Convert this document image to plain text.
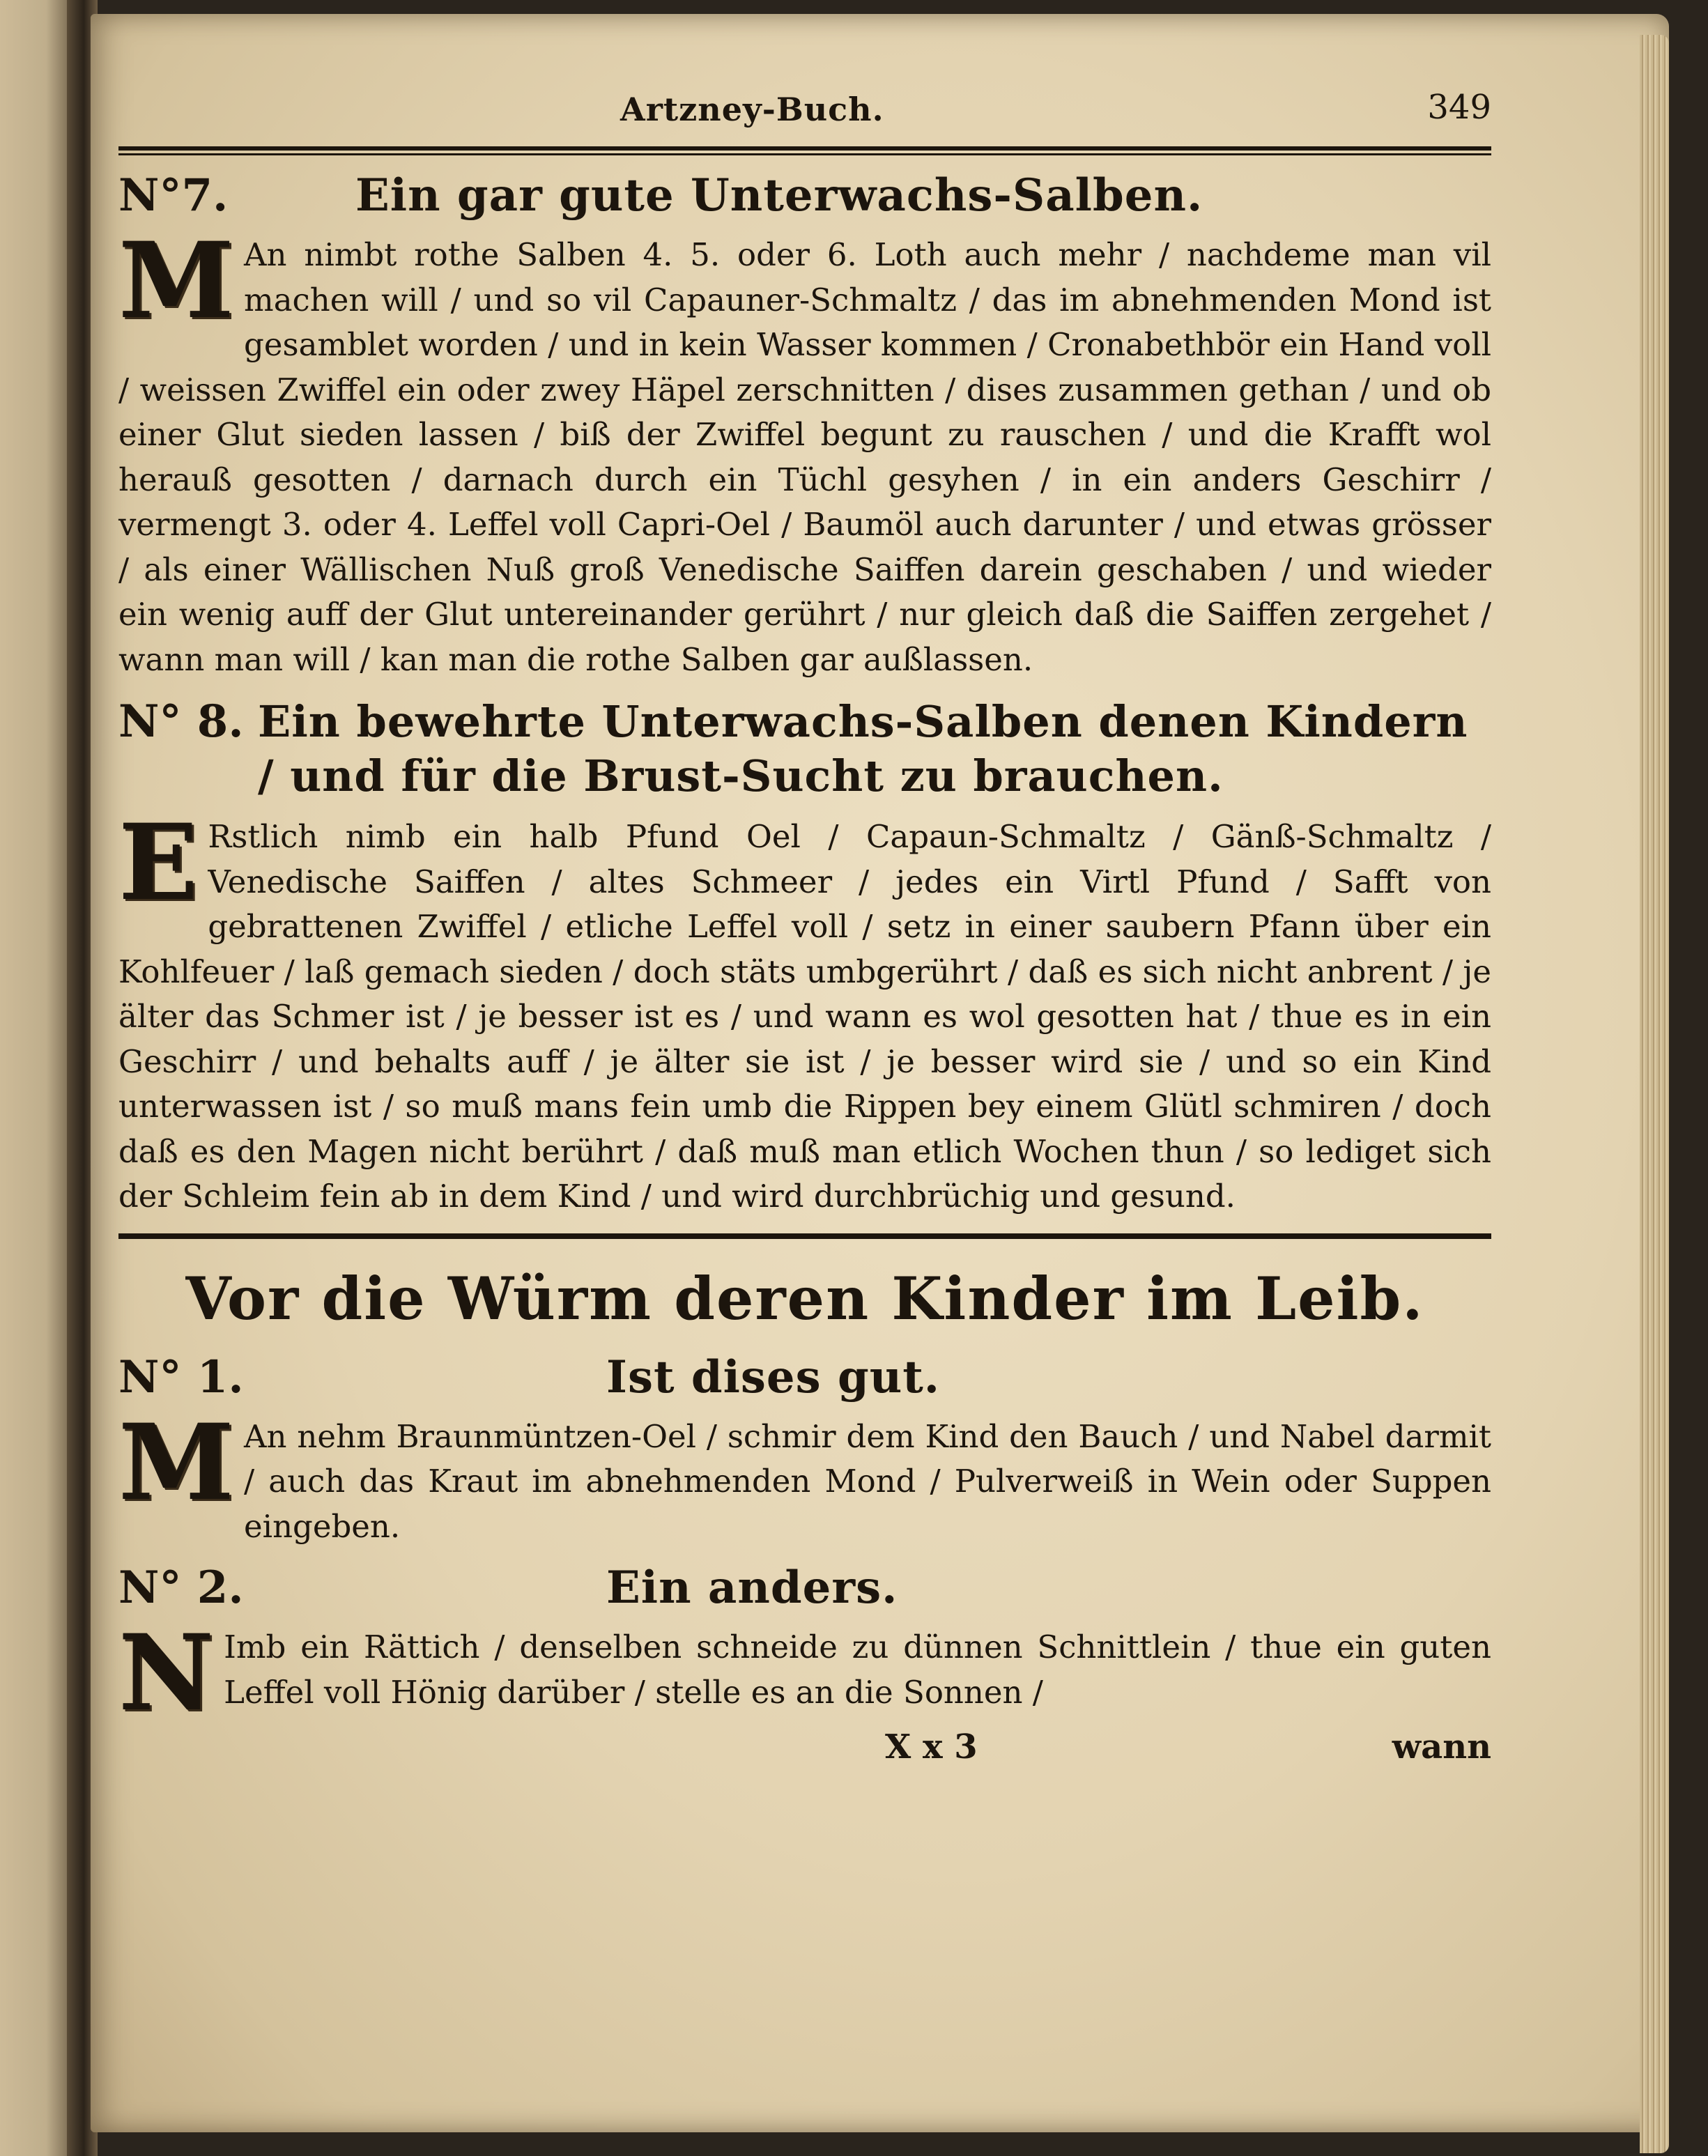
Artzney-Buch.	349
N°7.	Ein gar gute Unterwachs-Salben.

M An nimbt rothe Salben 4. 5. oder 6. Loth auch mehr / nachdeme man vil machen will / und so vil Capauner-Schmaltz / das im abnehmenden Mond ist gesamblet worden / und in kein Wasser kommen / Cronabethbör ein Hand voll / weissen Zwiffel ein oder zwey Häpel zerschnitten / dises zusammen gethan / und ob einer Glut sieden lassen / biß der Zwiffel begunt zu rauschen / und die Krafft wol herauß gesotten / darnach durch ein Tüchl gesyhen / in ein anders Geschirr / vermengt 3. oder 4. Leffel voll Capri-Oel / Baumöl auch darunter / und etwas grösser / als einer Wällischen Nuß groß Venedische Saiffen darein geschaben / und wieder ein wenig auff der Glut untereinander gerührt / nur gleich daß die Saiffen zergehet / wann man will / kan man die rothe Salben gar außlassen.

N° 8. Ein bewehrte Unterwachs-Salben denen Kindern / und für die Brust-Sucht zu brauchen.

E Rstlich nimb ein halb Pfund Oel / Capaun-Schmaltz / Gänß-Schmaltz / Venedische Saiffen / altes Schmeer / jedes ein Virtl Pfund / Safft von gebrattenen Zwiffel / etliche Leffel voll / setz in einer saubern Pfann über ein Kohlfeuer / laß gemach sieden / doch stäts umbgerührt / daß es sich nicht anbrent / je älter das Schmer ist / je besser ist es / und wann es wol gesotten hat / thue es in ein Geschirr / und behalts auff / je älter sie ist / je besser wird sie / und so ein Kind unterwassen ist / so muß mans fein umb die Rippen bey einem Glütl schmiren / doch daß es den Magen nicht berührt / daß muß man etlich Wochen thun / so lediget sich der Schleim fein ab in dem Kind / und wird durchbrüchig und gesund.

Vor die Würm deren Kinder im Leib.
N° 1.	Ist dises gut.

M An nehm Braunmüntzen-Oel / schmir dem Kind den Bauch / und Nabel darmit / auch das Kraut im abnehmenden Mond / Pulverweiß in Wein oder Suppen eingeben.

N° 2.	Ein anders.

N Imb ein Rättich / denselben schneide zu dünnen Schnittlein / thue ein guten Leffel voll Hönig darüber / stelle es an die Sonnen /

X x 3	wann
